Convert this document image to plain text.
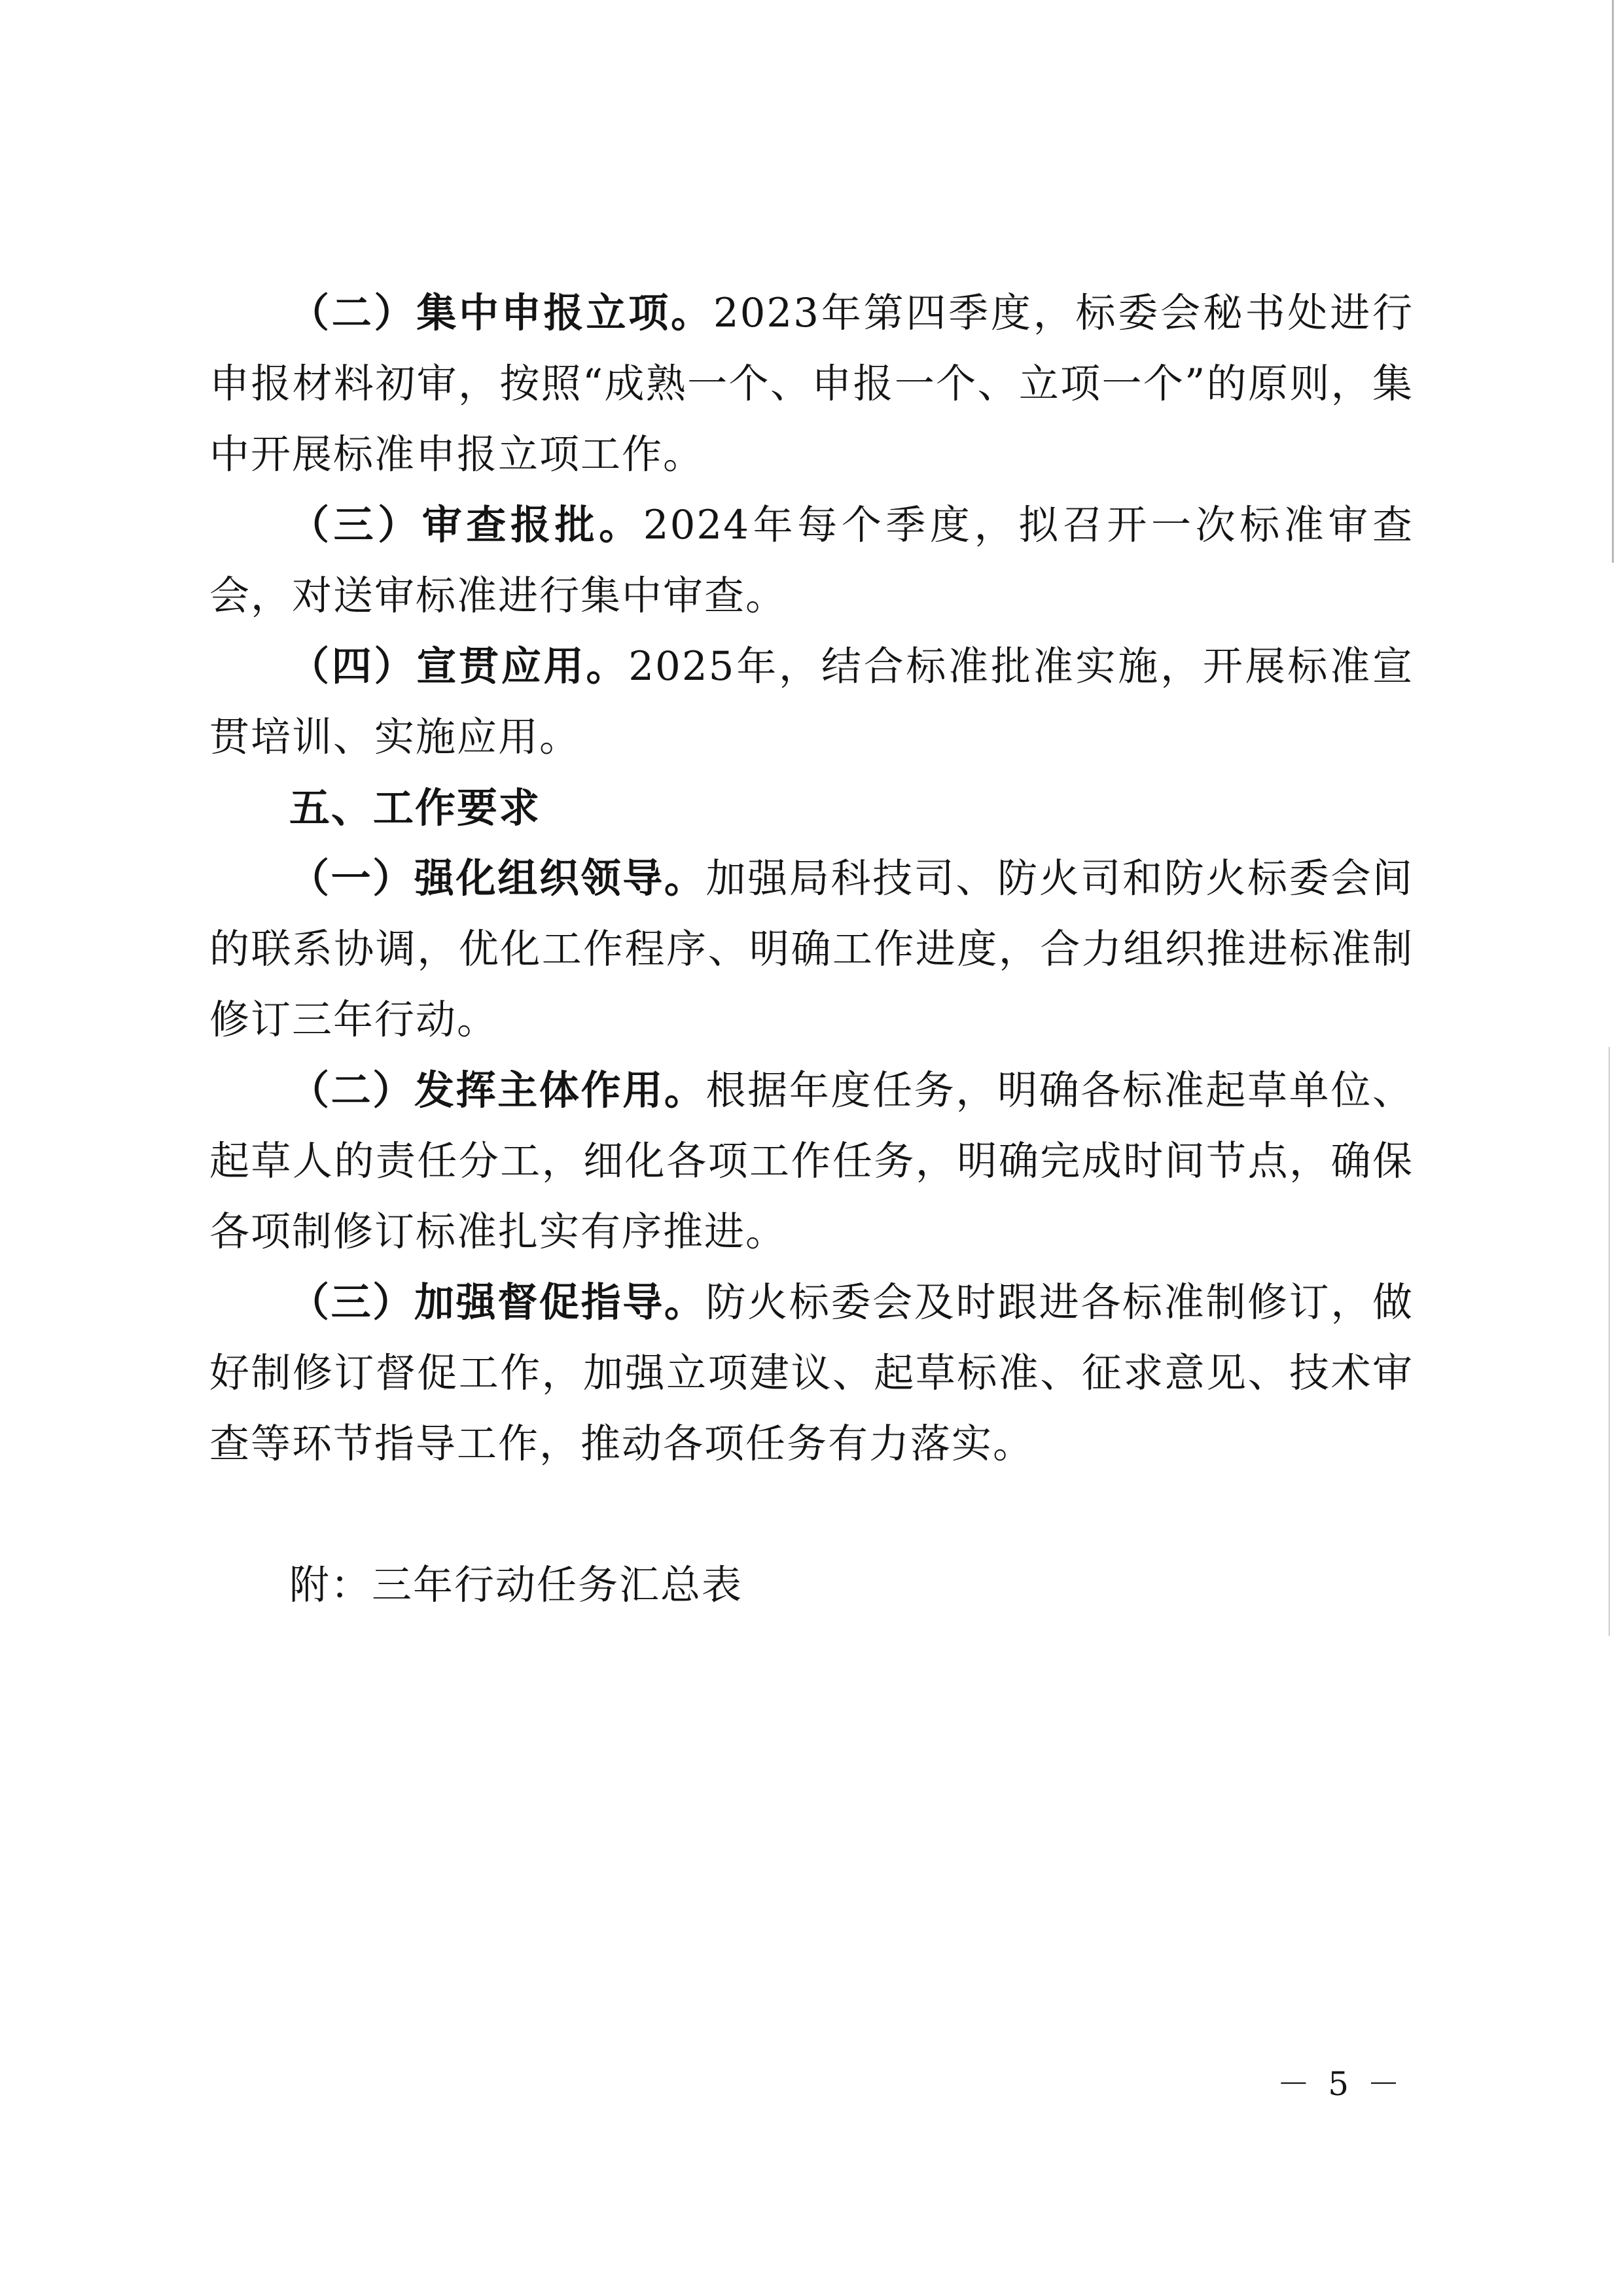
（二）集中申报立项。2023年第四季度，标委会秘书处进行申报材料初审，按照“成熟一个、申报一个、立项一个”的原则，集中开展标准申报立项工作。

（三）审查报批。2024年每个季度，拟召开一次标准审查会，对送审标准进行集中审查。

（四）宣贯应用。2025年，结合标准批准实施，开展标准宣贯培训、实施应用。

五、工作要求

（一）强化组织领导。加强局科技司、防火司和防火标委会间的联系协调，优化工作程序、明确工作进度，合力组织推进标准制修订三年行动。

（二）发挥主体作用。根据年度任务，明确各标准起草单位、起草人的责任分工，细化各项工作任务，明确完成时间节点，确保各项制修订标准扎实有序推进。

（三）加强督促指导。防火标委会及时跟进各标准制修订，做好制修订督促工作，加强立项建议、起草标准、征求意见、技术审查等环节指导工作，推动各项任务有力落实。

附：三年行动任务汇总表

－ 5 －
